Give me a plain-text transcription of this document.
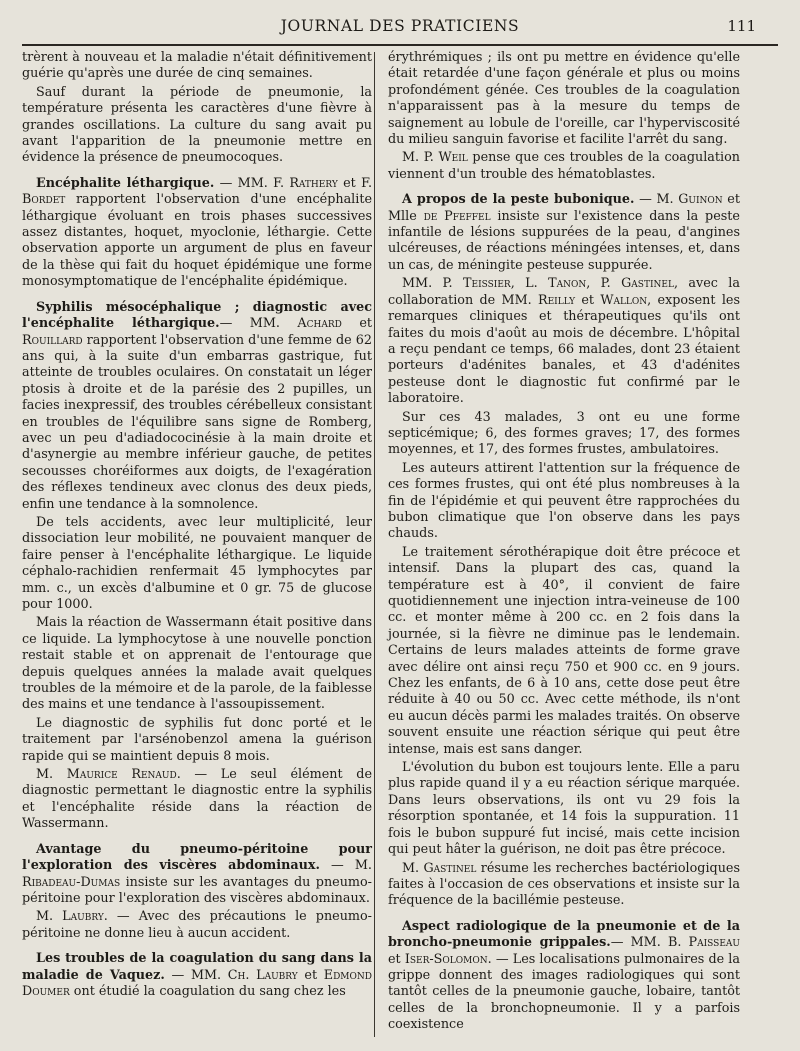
JOURNAL DES PRATICIENS	111

trèrent à nouveau et la maladie n'était définitivement guérie qu'après une durée de cinq semaines.

Sauf durant la période de pneumonie, la température présenta les caractères d'une fièvre à grandes oscillations. La culture du sang avait pu avant l'apparition de la pneumonie mettre en évidence la présence de pneumocoques.

Encéphalite léthargique. — MM. F. Rathery et F. Bordet rapportent l'observation d'une encéphalite léthargique évoluant en trois phases successives assez distantes, hoquet, myoclonie, léthargie. Cette observation apporte un argument de plus en faveur de la thèse qui fait du hoquet épidémique une forme monosymptomatique de l'encéphalite épidémique.

Syphilis mésocéphalique ; diagnostic avec l'encéphalite léthargique.— MM. Achard et Rouillard rapportent l'observation d'une femme de 62 ans qui, à la suite d'un embarras gastrique, fut atteinte de troubles oculaires. On constatait un léger ptosis à droite et de la parésie des 2 pupilles, un facies inexpressif, des troubles cérébelleux consistant en troubles de l'équilibre sans signe de Romberg, avec un peu d'adiadococinésie à la main droite et d'asynergie au membre inférieur gauche, de petites secousses choréiformes aux doigts, de l'exagération des réflexes tendineux avec clonus des deux pieds, enfin une tendance à la somnolence.

De tels accidents, avec leur multiplicité, leur dissociation leur mobilité, ne pouvaient manquer de faire penser à l'encéphalite léthargique. Le liquide céphalo-rachidien renfermait 45 lymphocytes par mm. c., un excès d'albumine et 0 gr. 75 de glucose pour 1000.

Mais la réaction de Wassermann était positive dans ce liquide. La lymphocytose à une nouvelle ponction restait stable et on apprenait de l'entourage que depuis quelques années la malade avait quelques troubles de la mémoire et de la parole, de la faiblesse des mains et une tendance à l'assoupissement.

Le diagnostic de syphilis fut donc porté et le traitement par l'arsénobenzol amena la guérison rapide qui se maintient depuis 8 mois.

M. Maurice Renaud. — Le seul élément de diagnostic permettant le diagnostic entre la syphilis et l'encéphalite réside dans la réaction de Wassermann.

Avantage du pneumo-péritoine pour l'exploration des viscères abdominaux. — M. Ribadeau-Dumas insiste sur les avantages du pneumo-péritoine pour l'exploration des viscères abdominaux.

M. Laubry. — Avec des précautions le pneumo-péritoine ne donne lieu à aucun accident.

Les troubles de la coagulation du sang dans la maladie de Vaquez. — MM. Ch. Laubry et Edmond Doumer ont étudié la coagulation du sang chez les

érythrémiques ; ils ont pu mettre en évidence qu'elle était retardée d'une façon générale et plus ou moins profondément génée. Ces troubles de la coagulation n'apparaissent pas à la mesure du temps de saignement au lobule de l'oreille, car l'hyperviscosité du milieu sanguin favorise et facilite l'arrêt du sang.

M. P. Weil pense que ces troubles de la coagulation viennent d'un trouble des hématoblastes.

A propos de la peste bubonique. — M. Guinon et Mlle de Pfeffel insiste sur l'existence dans la peste infantile de lésions suppurées de la peau, d'angines ulcéreuses, de réactions méningées intenses, et, dans un cas, de méningite pesteuse suppurée.

MM. P. Teissier, L. Tanon, P. Gastinel, avec la collaboration de MM. Reilly et Wallon, exposent les remarques cliniques et thérapeutiques qu'ils ont faites du mois d'août au mois de décembre. L'hôpital a reçu pendant ce temps, 66 malades, dont 23 étaient porteurs d'adénites banales, et 43 d'adénites pesteuse dont le diagnostic fut confirmé par le laboratoire.

Sur ces 43 malades, 3 ont eu une forme septicémique; 6, des formes graves; 17, des formes moyennes, et 17, des formes frustes, ambulatoires.

Les auteurs attirent l'attention sur la fréquence de ces formes frustes, qui ont été plus nombreuses à la fin de l'épidémie et qui peuvent être rapprochées du bubon climatique que l'on observe dans les pays chauds.

Le traitement sérothérapique doit être précoce et intensif. Dans la plupart des cas, quand la température est à 40°, il convient de faire quotidiennement une injection intra-veineuse de 100 cc. et monter même à 200 cc. en 2 fois dans la journée, si la fièvre ne diminue pas le lendemain. Certains de leurs malades atteints de forme grave avec délire ont ainsi reçu 750 et 900 cc. en 9 jours. Chez les enfants, de 6 à 10 ans, cette dose peut être réduite à 40 ou 50 cc. Avec cette méthode, ils n'ont eu aucun décès parmi les malades traités. On observe souvent ensuite une réaction sérique qui peut être intense, mais est sans danger.

L'évolution du bubon est toujours lente. Elle a paru plus rapide quand il y a eu réaction sérique marquée. Dans leurs observations, ils ont vu 29 fois la résorption spontanée, et 14 fois la suppuration. 11 fois le bubon suppuré fut incisé, mais cette incision qui peut hâter la guérison, ne doit pas être précoce.

M. Gastinel résume les recherches bactériologiques faites à l'occasion de ces observations et insiste sur la fréquence de la bacillémie pesteuse.

Aspect radiologique de la pneumonie et de la broncho-pneumonie grippales.— MM. B. Paisseau et Iser-Solomon. — Les localisations pulmonaires de la grippe donnent des images radiologiques qui sont tantôt celles de la pneumonie gauche, lobaire, tantôt celles de la bronchopneumonie. Il y a parfois coexistence
